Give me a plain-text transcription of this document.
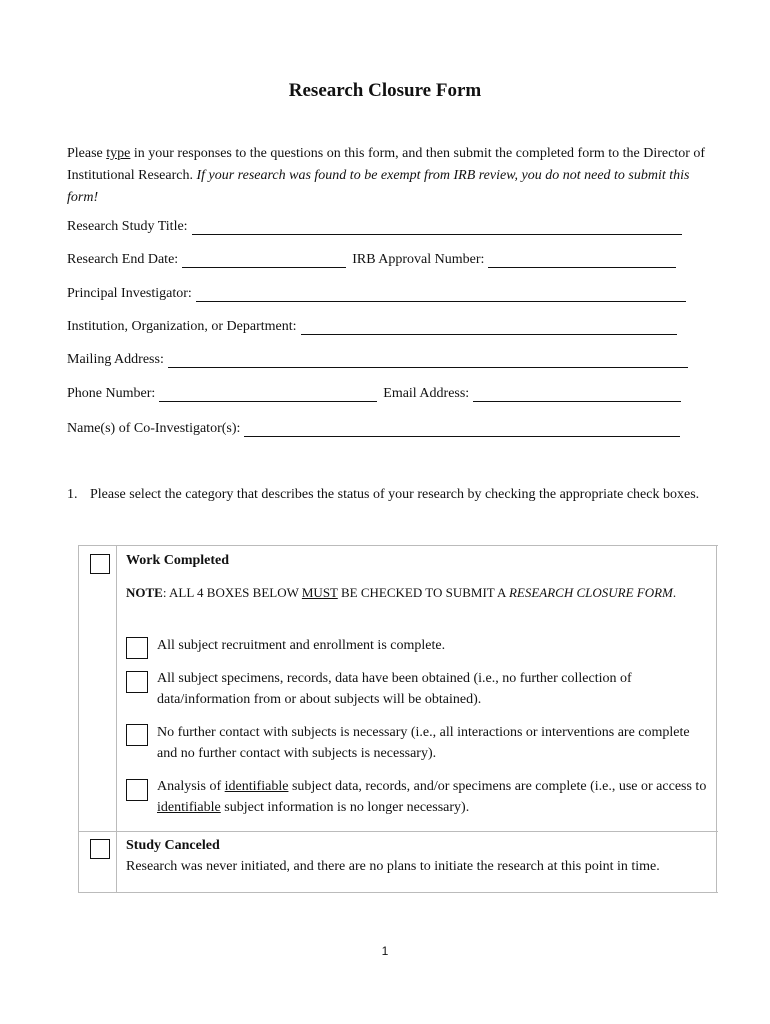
Research Closure Form
Please type in your responses to the questions on this form, and then submit the completed form to the Director of Institutional Research. If your research was found to be exempt from IRB review, you do not need to submit this form!
Research Study Title:
Research End Date:	IRB Approval Number:
Principal Investigator:
Institution, Organization, or Department:
Mailing Address:
Phone Number:	Email Address:
Name(s) of Co-Investigator(s):
1. Please select the category that describes the status of your research by checking the appropriate check boxes.
Work Completed
NOTE: ALL 4 BOXES BELOW MUST BE CHECKED TO SUBMIT A RESEARCH CLOSURE FORM.
All subject recruitment and enrollment is complete.
All subject specimens, records, data have been obtained (i.e., no further collection of data/information from or about subjects will be obtained).
No further contact with subjects is necessary (i.e., all interactions or interventions are complete and no further contact with subjects is necessary).
Analysis of identifiable subject data, records, and/or specimens are complete (i.e., use or access to identifiable subject information is no longer necessary).
Study Canceled
Research was never initiated, and there are no plans to initiate the research at this point in time.
1
